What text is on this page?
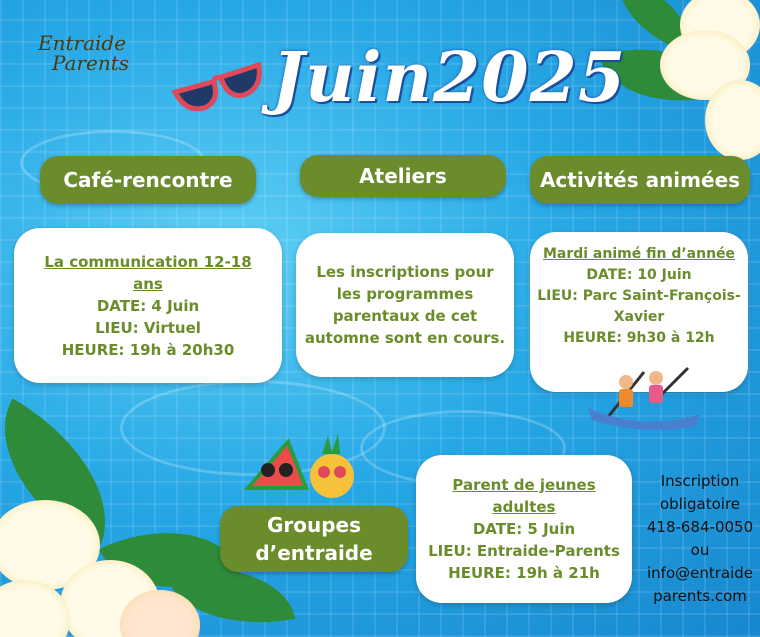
Entraide
Parents Juin2025
Café-rencontre	Ateliers	Activités animées
Groupes d’entraide
La communication 12-18 ans
DATE: 4 Juin
LIEU: Virtuel
HEURE: 19h à 20h30
Les inscriptions pour les programmes parentaux de cet automne sont en cours.
Mardi animé fin d’année
DATE: 10 Juin
LIEU: Parc Saint-François-Xavier
HEURE: 9h30 à 12h
Parent de jeunes adultes
DATE: 5 Juin
LIEU: Entraide-Parents
HEURE: 19h à 21h
Inscription obligatoire
418-684-0050
ou
info@entraide parents.com
